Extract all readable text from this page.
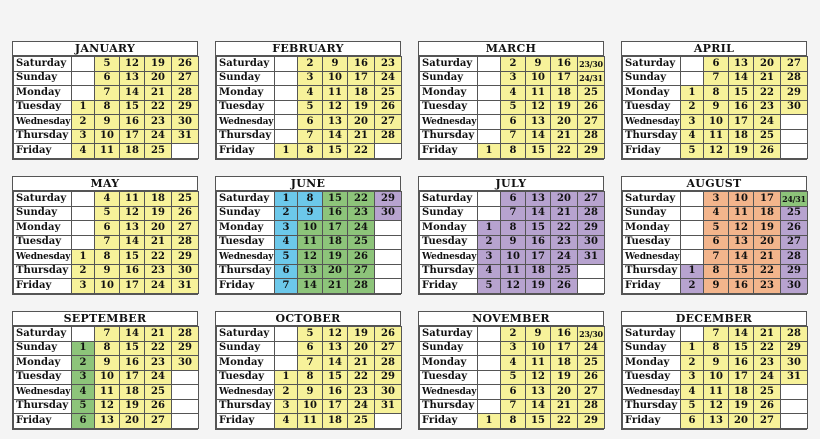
JANUARY
Saturday		5	12	19	26
Sunday		6	13	20	27
Monday		7	14	21	28
Tuesday	1	8	15	22	29
Wednesday	2	9	16	23	30
Thursday	3	10	17	24	31
Friday	4	11	18	25	
FEBRUARY
Saturday		2	9	16	23
Sunday		3	10	17	24
Monday		4	11	18	25
Tuesday		5	12	19	26
Wednesday		6	13	20	27
Thursday		7	14	21	28
Friday	1	8	15	22	
MARCH
Saturday		2	9	16	23/30
Sunday		3	10	17	24/31
Monday		4	11	18	25
Tuesday		5	12	19	26
Wednesday		6	13	20	27
Thursday		7	14	21	28
Friday	1	8	15	22	29
APRIL
Saturday		6	13	20	27
Sunday		7	14	21	28
Monday	1	8	15	22	29
Tuesday	2	9	16	23	30
Wednesday	3	10	17	24	
Thursday	4	11	18	25	
Friday	5	12	19	26	
MAY
Saturday		4	11	18	25
Sunday		5	12	19	26
Monday		6	13	20	27
Tuesday		7	14	21	28
Wednesday	1	8	15	22	29
Thursday	2	9	16	23	30
Friday	3	10	17	24	31
JUNE
Saturday	1	8	15	22	29
Sunday	2	9	16	23	30
Monday	3	10	17	24	
Tuesday	4	11	18	25	
Wednesday	5	12	19	26	
Thursday	6	13	20	27	
Friday	7	14	21	28	
JULY
Saturday		6	13	20	27
Sunday		7	14	21	28
Monday	1	8	15	22	29
Tuesday	2	9	16	23	30
Wednesday	3	10	17	24	31
Thursday	4	11	18	25	
Friday	5	12	19	26	
AUGUST
Saturday		3	10	17	24/31
Sunday		4	11	18	25
Monday		5	12	19	26
Tuesday		6	13	20	27
Wednesday		7	14	21	28
Thursday	1	8	15	22	29
Friday	2	9	16	23	30
SEPTEMBER
Saturday		7	14	21	28
Sunday	1	8	15	22	29
Monday	2	9	16	23	30
Tuesday	3	10	17	24	
Wednesday	4	11	18	25	
Thursday	5	12	19	26	
Friday	6	13	20	27	
OCTOBER
Saturday		5	12	19	26
Sunday		6	13	20	27
Monday		7	14	21	28
Tuesday	1	8	15	22	29
Wednesday	2	9	16	23	30
Thursday	3	10	17	24	31
Friday	4	11	18	25	
NOVEMBER
Saturday		2	9	16	23/30
Sunday		3	10	17	24
Monday		4	11	18	25
Tuesday		5	12	19	26
Wednesday		6	13	20	27
Thursday		7	14	21	28
Friday	1	8	15	22	29
DECEMBER
Saturday		7	14	21	28
Sunday	1	8	15	22	29
Monday	2	9	16	23	30
Tuesday	3	10	17	24	31
Wednesday	4	11	18	25	
Thursday	5	12	19	26	
Friday	6	13	20	27	
